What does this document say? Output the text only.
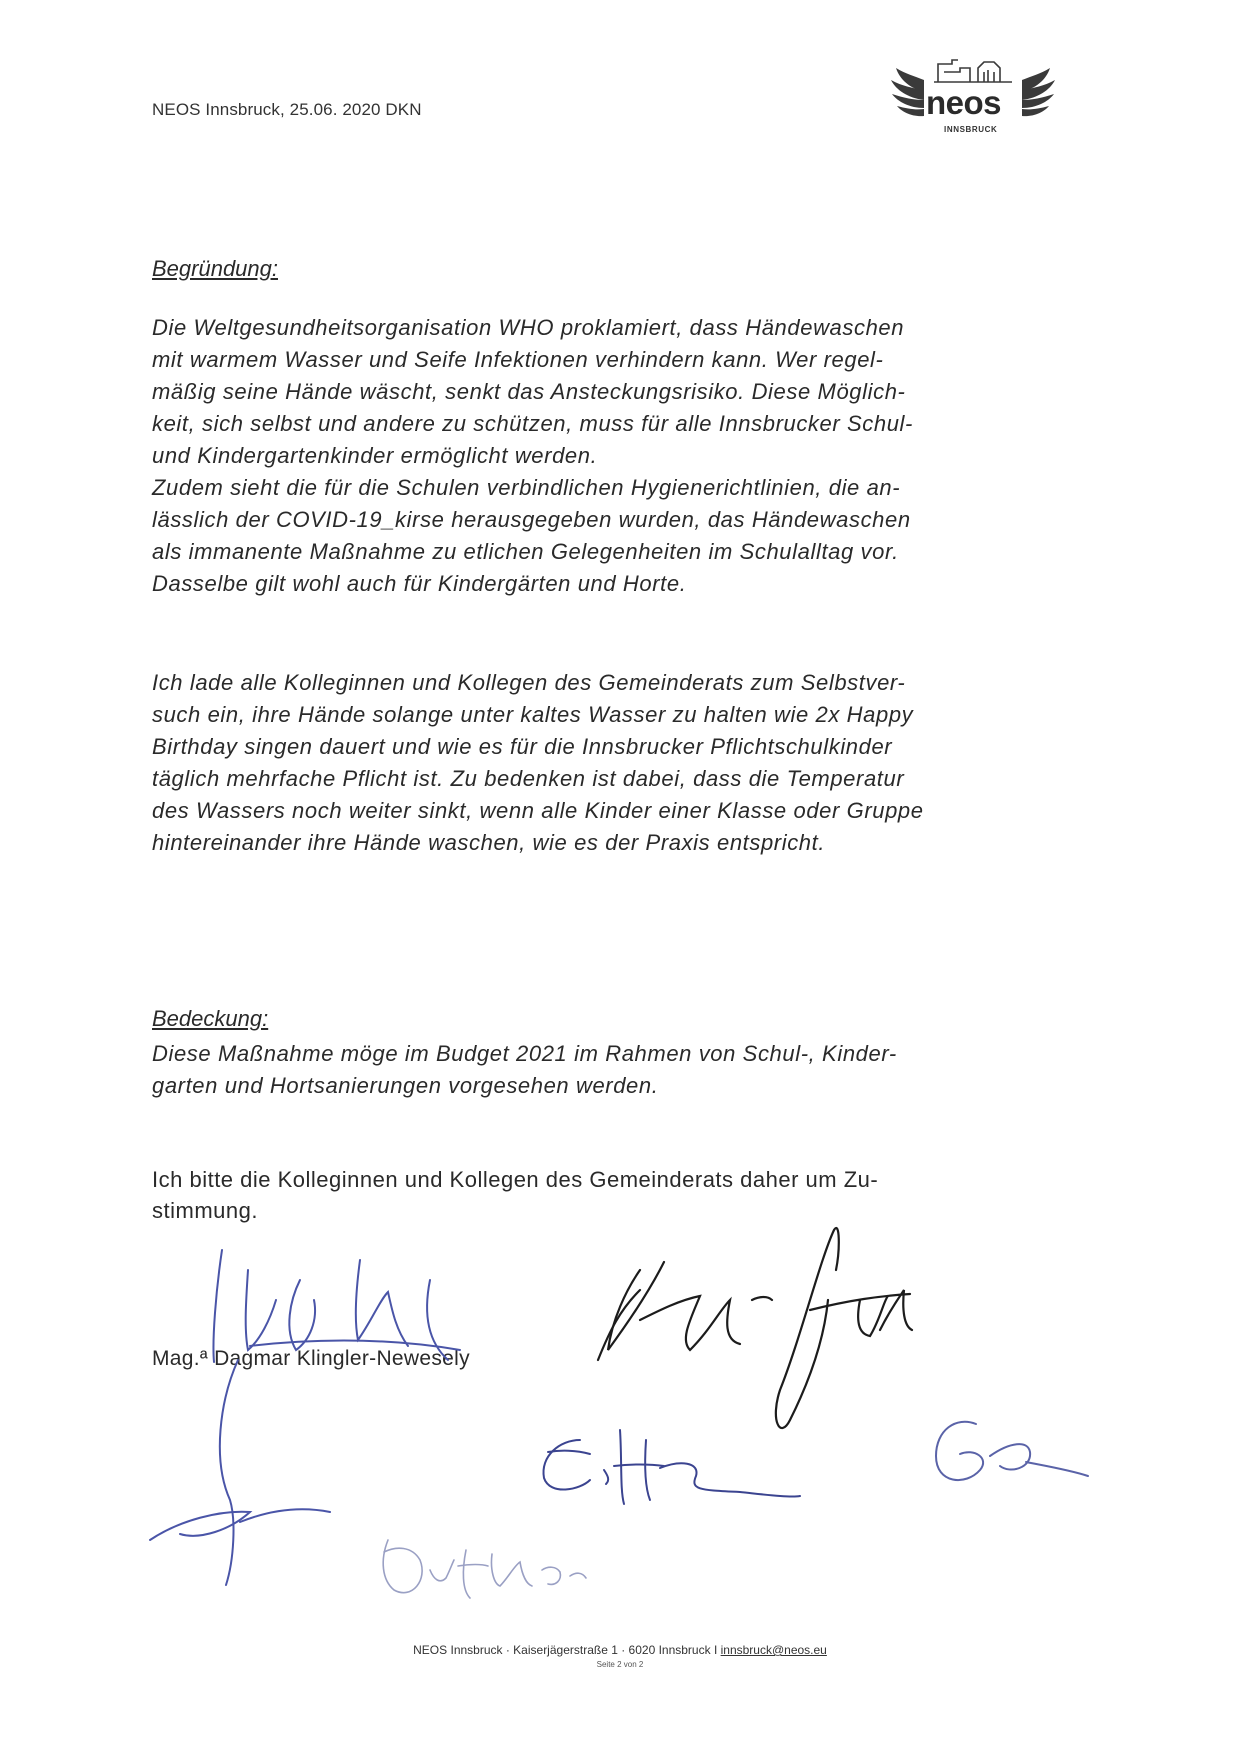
NEOS Innsbruck, 25.06. 2020 DKN	neos
INNSBRUCK
Begründung:

Die Weltgesundheitsorganisation WHO proklamiert, dass Händewaschen
mit warmem Wasser und Seife Infektionen verhindern kann. Wer regel-
mäßig seine Hände wäscht, senkt das Ansteckungsrisiko. Diese Möglich-
keit, sich selbst und andere zu schützen, muss für alle Innsbrucker Schul-
und Kindergartenkinder ermöglicht werden.
Zudem sieht die für die Schulen verbindlichen Hygienerichtlinien, die an-
lässlich der COVID-19_kirse herausgegeben wurden, das Händewaschen
als immanente Maßnahme zu etlichen Gelegenheiten im Schulalltag vor.
Dasselbe gilt wohl auch für Kindergärten und Horte.

Ich lade alle Kolleginnen und Kollegen des Gemeinderats zum Selbstver-
such ein, ihre Hände solange unter kaltes Wasser zu halten wie 2x Happy
Birthday singen dauert und wie es für die Innsbrucker Pflichtschulkinder
täglich mehrfache Pflicht ist. Zu bedenken ist dabei, dass die Temperatur
des Wassers noch weiter sinkt, wenn alle Kinder einer Klasse oder Gruppe
hintereinander ihre Hände waschen, wie es der Praxis entspricht.

Bedeckung:

Diese Maßnahme möge im Budget 2021 im Rahmen von Schul-, Kinder-
garten und Hortsanierungen vorgesehen werden.

Ich bitte die Kolleginnen und Kollegen des Gemeinderats daher um Zu-
stimmung.

Mag.ª Dagmar Klingler-Newesely
NEOS Innsbruck · Kaiserjägerstraße 1 · 6020 Innsbruck I innsbruck@neos.eu
Seite 2 von 2
